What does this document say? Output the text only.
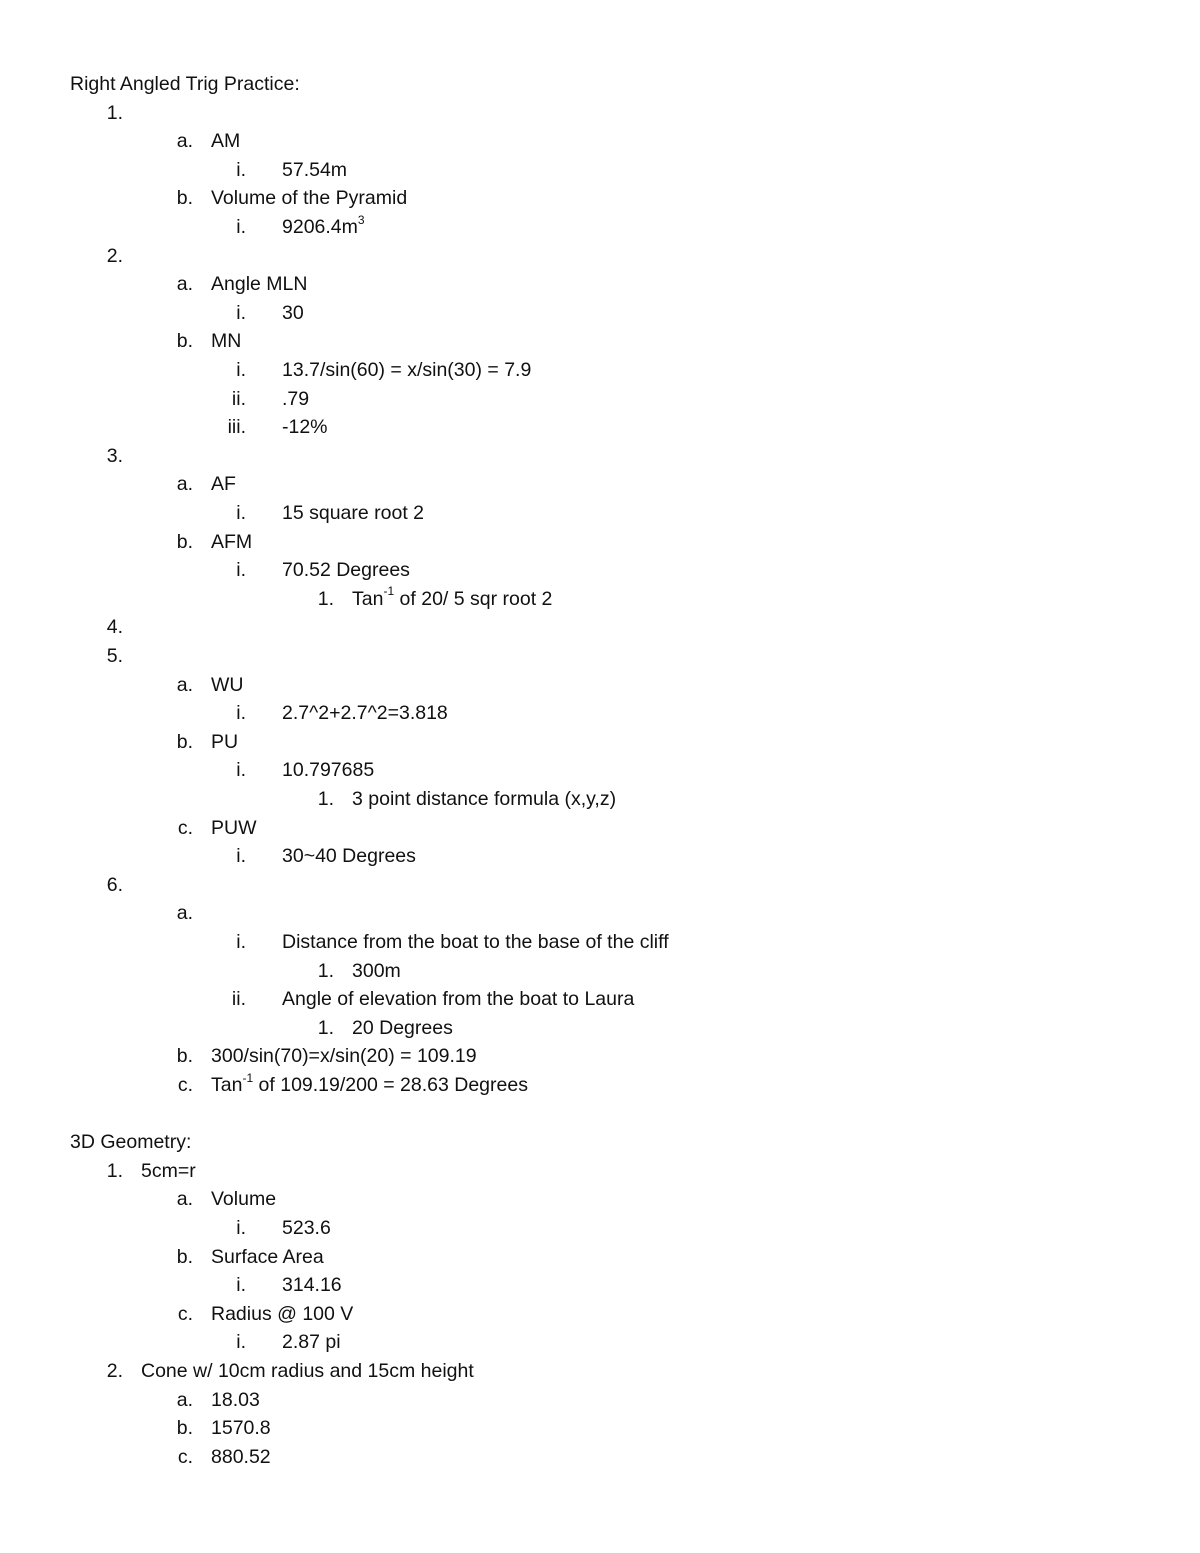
Right Angled Trig Practice:
1.
a. AM
i. 57.54m
b. Volume of the Pyramid
i. $9206.4m^3$
2.
a. Angle MLN
i. 30
b. MN
i. 13.7/sin(60) = x/sin(30) = 7.9
ii. .79
iii. -12%
3.
a. AF
i. 15 square root 2
b. AFM
i. 70.52 Degrees
1. Tan$^{-1}$ of 20/ 5 sqr root 2
4.
5.
a. WU
i. 2.7^2+2.7^2=3.818
b. PU
i. 10.797685
1. 3 point distance formula (x,y,z)
c. PUW
i. 30~40 Degrees
6.
a.
i. Distance from the boat to the base of the cliff
1. 300m
ii. Angle of elevation from the boat to Laura
1. 20 Degrees
b. 300/sin(70)=x/sin(20) = 109.19
c. Tan$^{-1}$ of 109.19/200 = 28.63 Degrees
3D Geometry:
1. 5cm=r
a. Volume
i. 523.6
b. Surface Area
i. 314.16
c. Radius @ 100 V
i. 2.87 pi
2. Cone w/ 10cm radius and 15cm height
a. 18.03
b. 1570.8
c. 880.52
